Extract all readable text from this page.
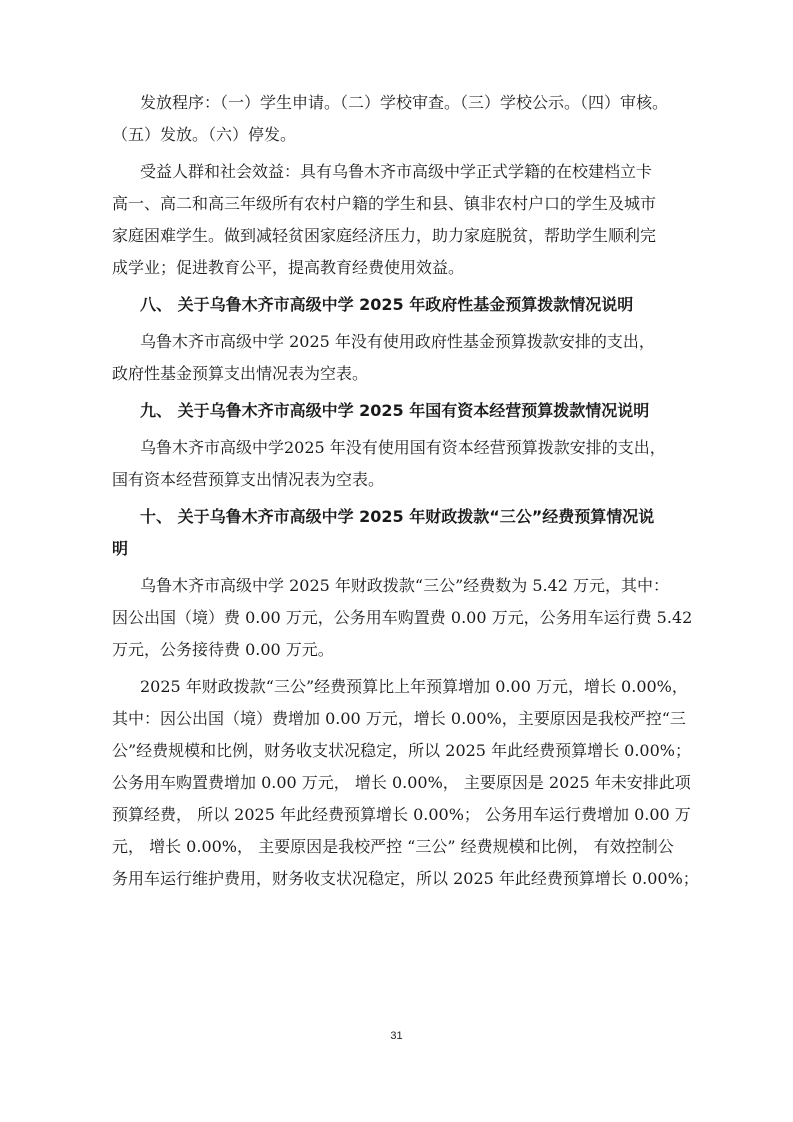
发放程序：（一）学生申请。（二）学校审查。（三）学校公示。（四）审核。
（五）发放。（六）停发。
受益人群和社会效益：具有乌鲁木齐市高级中学正式学籍的在校建档立卡
高一、高二和高三年级所有农村户籍的学生和县、镇非农村户口的学生及城市
家庭困难学生。做到减轻贫困家庭经济压力，助力家庭脱贫，帮助学生顺利完
成学业；促进教育公平，提高教育经费使用效益。
八、 关于乌鲁木齐市高级中学 2025 年政府性基金预算拨款情况说明
乌鲁木齐市高级中学 2025 年没有使用政府性基金预算拨款安排的支出，
政府性基金预算支出情况表为空表。
九、 关于乌鲁木齐市高级中学 2025 年国有资本经营预算拨款情况说明
乌鲁木齐市高级中学2025 年没有使用国有资本经营预算拨款安排的支出，
国有资本经营预算支出情况表为空表。
十、 关于乌鲁木齐市高级中学 2025 年财政拨款“三公”经费预算情况说
明
乌鲁木齐市高级中学 2025 年财政拨款“三公”经费数为 5.42 万元，其中：
因公出国（境）费 0.00 万元，公务用车购置费 0.00 万元，公务用车运行费 5.42
万元，公务接待费 0.00 万元。
2025 年财政拨款“三公”经费预算比上年预算增加 0.00 万元，增长 0.00%，
其中：因公出国（境）费增加 0.00 万元，增长 0.00%，主要原因是我校严控“三
公”经费规模和比例，财务收支状况稳定，所以 2025 年此经费预算增长 0.00%；
公务用车购置费增加 0.00 万元， 增长 0.00%， 主要原因是 2025 年未安排此项
预算经费， 所以 2025 年此经费预算增长 0.00%； 公务用车运行费增加 0.00 万
元， 增长 0.00%， 主要原因是我校严控 “三公” 经费规模和比例， 有效控制公
务用车运行维护费用，财务收支状况稳定，所以 2025 年此经费预算增长 0.00%；
31
